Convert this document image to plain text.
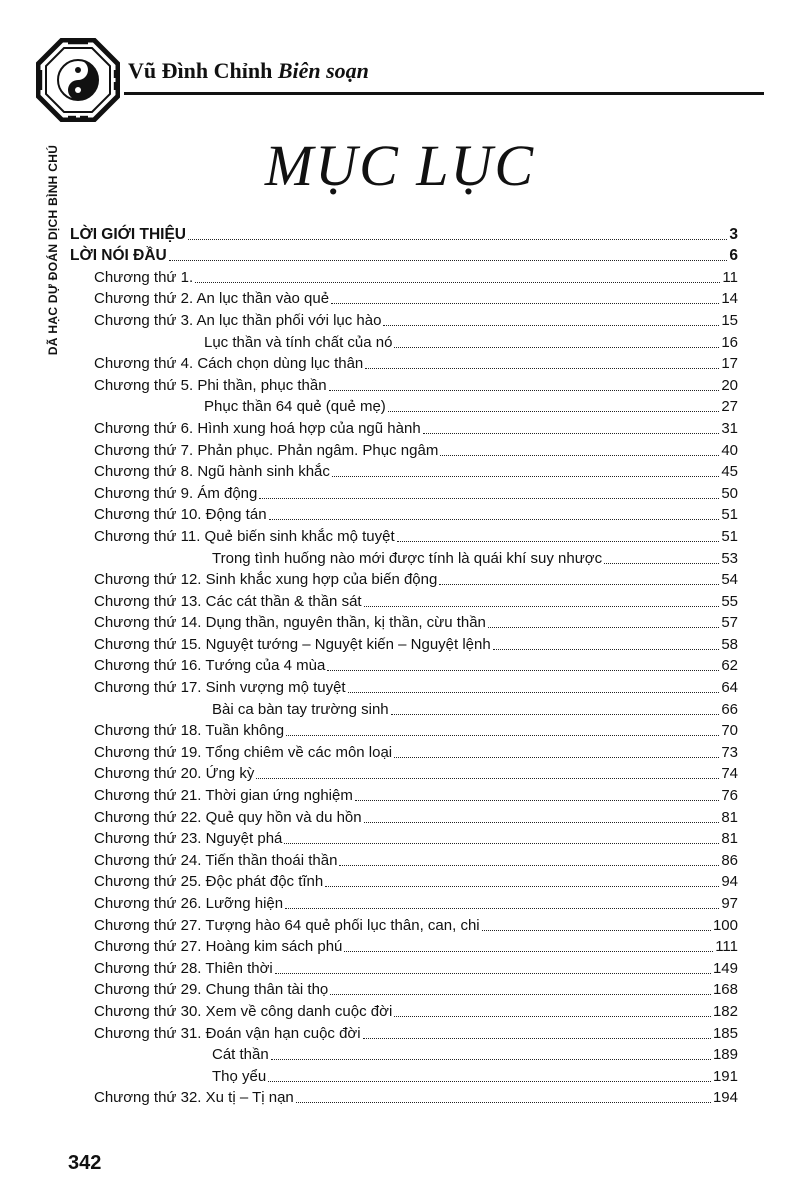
Vũ Đình Chỉnh Biên soạn
DÃ HẠC DỰ ĐOÁN DỊCH BÌNH CHÚ	MỤC LỤC
LỜI GIỚI THIỆU	3
LỜI NÓI ĐẦU	6
Chương thứ 1.	11
Chương thứ 2. An lục thần vào quẻ	14
Chương thứ 3. An lục thần phối với lục hào	15
Lục thần và tính chất của nó	16
Chương thứ 4. Cách chọn dùng lục thân	17
Chương thứ 5. Phi thần, phục thần	20
Phục thần 64 quẻ (quẻ mẹ)	27
Chương thứ 6. Hình xung hoá hợp của ngũ hành	31
Chương thứ 7. Phản phục. Phản ngâm. Phục ngâm	40
Chương thứ 8. Ngũ hành sinh khắc	45
Chương thứ 9. Ám động	50
Chương thứ 10. Động tán	51
Chương thứ 11. Quẻ biến sinh khắc mộ tuyệt	51
Trong tình huống nào mới được tính là quái khí suy nhược	53
Chương thứ 12. Sinh khắc xung hợp của biến động	54
Chương thứ 13. Các cát thần & thần sát	55
Chương thứ 14. Dụng thần, nguyên thần, kị thần, cừu thần	57
Chương thứ 15. Nguyệt tướng – Nguyệt kiến – Nguyệt lệnh	58
Chương thứ 16. Tướng của 4 mùa	62
Chương thứ 17. Sinh vượng mộ tuyệt	64
Bài ca bàn tay trường sinh	66
Chương thứ 18. Tuần không	70
Chương thứ 19. Tổng chiêm về các môn loại	73
Chương thứ 20. Ứng kỳ	74
Chương thứ 21. Thời gian ứng nghiệm	76
Chương thứ 22. Quẻ quy hồn và du hồn	81
Chương thứ 23. Nguyệt phá	81
Chương thứ 24. Tiến thần thoái thần	86
Chương thứ 25. Độc phát độc tĩnh	94
Chương thứ 26. Lưỡng hiện	97
Chương thứ 27. Tượng hào 64 quẻ phối lục thân, can, chi	100
Chương thứ 27. Hoàng kim sách phú	111
Chương thứ 28. Thiên thời	149
Chương thứ 29. Chung thân tài thọ	168
Chương thứ 30. Xem về công danh cuộc đời	182
Chương thứ 31. Đoán vận hạn cuộc đời	185
Cát thần	189
Thọ yểu	191
Chương thứ 32. Xu tị – Tị nạn	194
342
